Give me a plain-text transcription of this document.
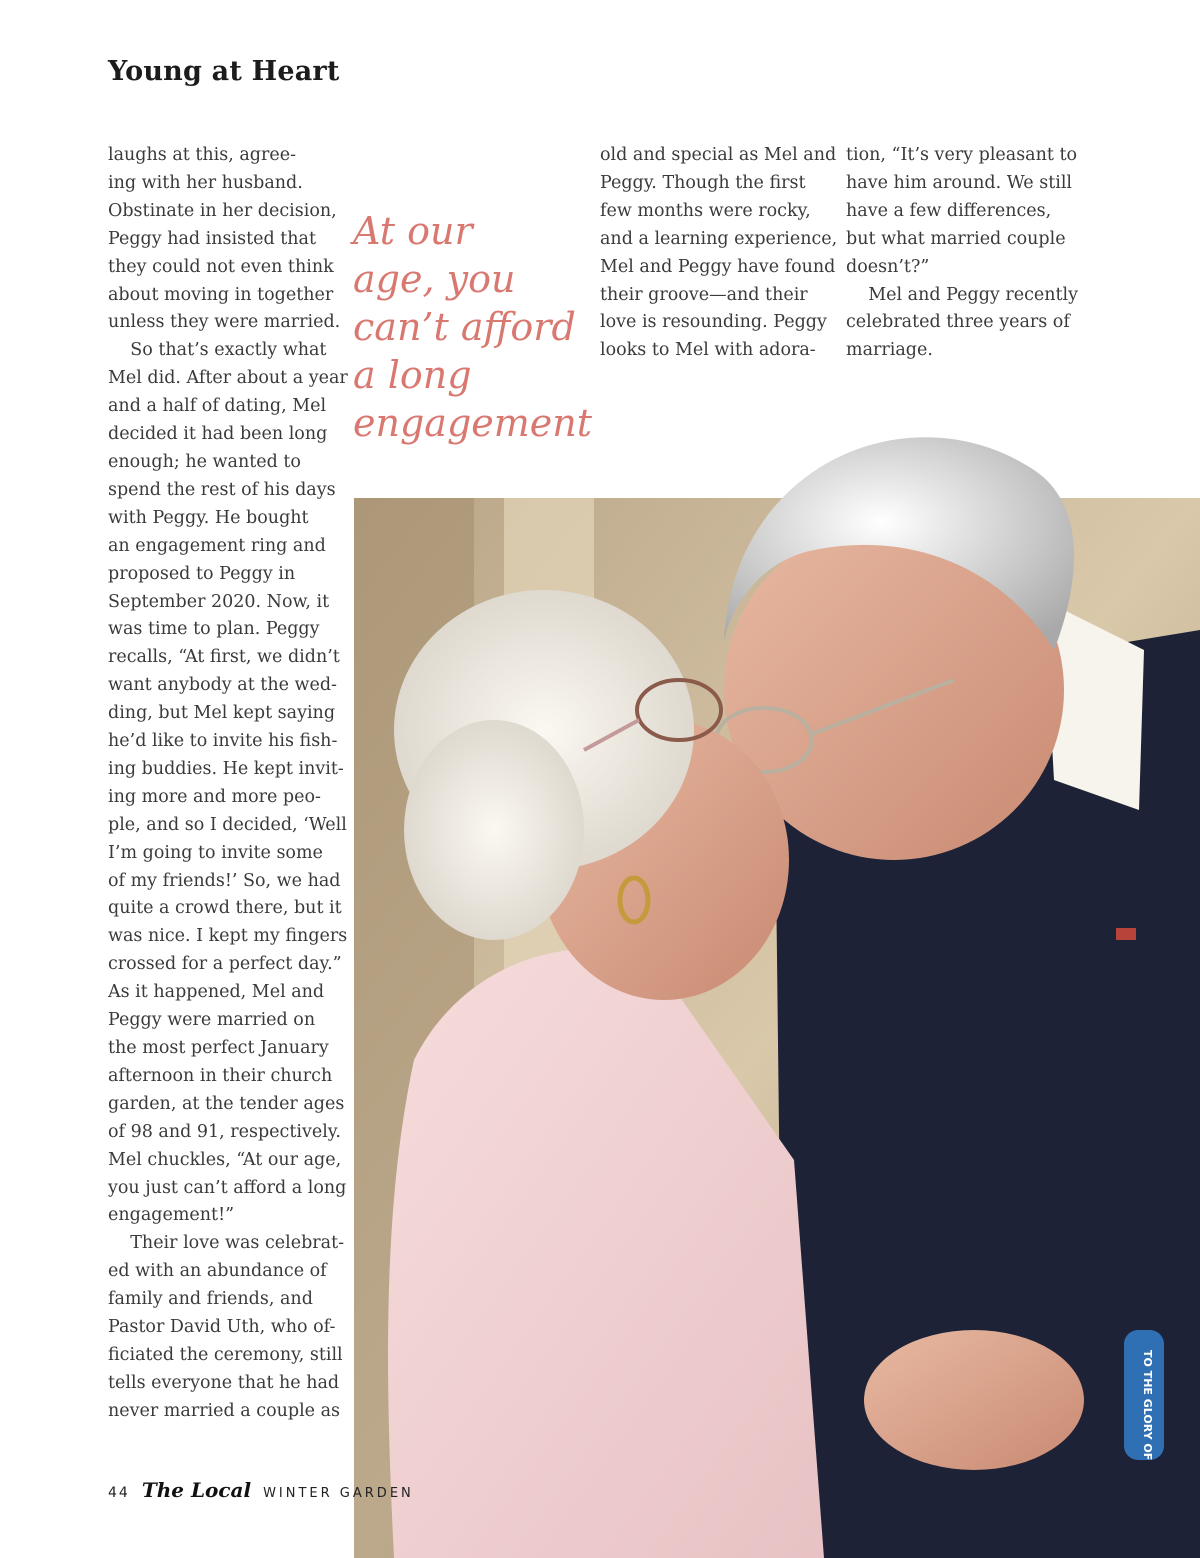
Young at Heart
laughs at this, agree-
ing with her husband.
Obstinate in her decision,
Peggy had insisted that
they could not even think
about moving in together
unless they were married.
So that’s exactly what
Mel did. After about a year
and a half of dating, Mel
decided it had been long
enough; he wanted to
spend the rest of his days
with Peggy. He bought
an engagement ring and
proposed to Peggy in
September 2020. Now, it
was time to plan. Peggy
recalls, “At first, we didn’t
want anybody at the wed-
ding, but Mel kept saying
he’d like to invite his fish-
ing buddies. He kept invit-
ing more and more peo-
ple, and so I decided, ‘Well
I’m going to invite some
of my friends!’ So, we had
quite a crowd there, but it
was nice. I kept my fingers
crossed for a perfect day.”
As it happened, Mel and
Peggy were married on
the most perfect January
afternoon in their church
garden, at the tender ages
of 98 and 91, respectively.
Mel chuckles, “At our age,
you just can’t afford a long
engagement!”
Their love was celebrat-
ed with an abundance of
family and friends, and
Pastor David Uth, who of-
ficiated the ceremony, still
tells everyone that he had
never married a couple as
At our
age, you
can’t afford
a long
engagement
old and special as Mel and
Peggy. Though the first
few months were rocky,
and a learning experience,
Mel and Peggy have found
their groove—and their
love is resounding. Peggy
looks to Mel with adora-
tion, “It’s very pleasant to
have him around. We still
have a few differences,
but what married couple
doesn’t?”
Mel and Peggy recently
celebrated three years of
marriage.
TO THE GLORY OF
44 The Local WINTER GARDEN
